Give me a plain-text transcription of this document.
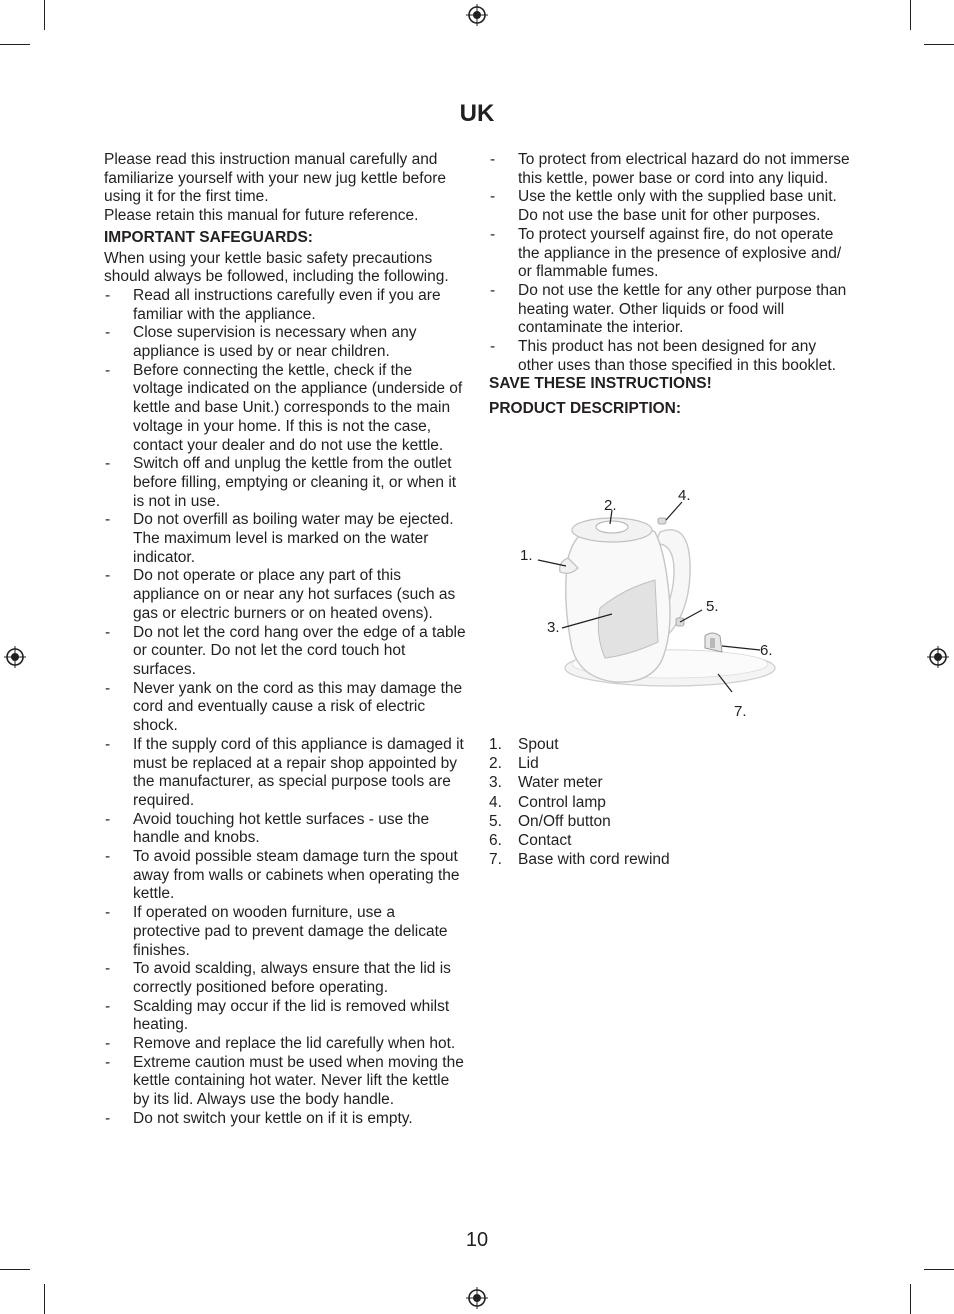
UK

Please read this instruction manual carefully and familiarize yourself with your new jug kettle before using it for the first time.

Please retain this manual for future reference.

IMPORTANT SAFEGUARDS:

When using your kettle basic safety precautions should always be followed, including the following.

- Read all instructions carefully even if you are familiar with the appliance.
- Close supervision is necessary when any appliance is used by or near children.
- Before connecting the kettle, check if the voltage indicated on the appliance (underside of kettle and base Unit.) corresponds to the main voltage in your home. If this is not the case, contact your dealer and do not use the kettle.
- Switch off and unplug the kettle from the outlet before filling, emptying or cleaning it, or when it is not in use.
- Do not overfill as boiling water may be ejected. The maximum level is marked on the water indicator.
- Do not operate or place any part of this appliance on or near any hot surfaces (such as gas or electric burners or on heated ovens).
- Do not let the cord hang over the edge of a table or counter. Do not let the cord touch hot surfaces.
- Never yank on the cord as this may damage the cord and eventually cause a risk of electric shock.
- If the supply cord of this appliance is damaged it must be replaced at a repair shop appointed by the manufacturer, as special purpose tools are required.
- Avoid touching hot kettle surfaces - use the handle and knobs.
- To avoid possible steam damage turn the spout away from walls or cabinets when operating the kettle.
- If operated on wooden furniture, use a protective pad to prevent damage the delicate finishes.
- To avoid scalding, always ensure that the lid is correctly positioned before operating.
- Scalding may occur if the lid is removed whilst heating.
- Remove and replace the lid carefully when hot.
- Extreme caution must be used when moving the kettle containing hot water. Never lift the kettle by its lid. Always use the body handle.
- Do not switch your kettle on if it is empty.
- To protect from electrical hazard do not immerse this kettle, power base or cord into any liquid.
- Use the kettle only with the supplied base unit. Do not use the base unit for other purposes.
- To protect yourself against fire, do not operate the appliance in the presence of explosive and/ or flammable fumes.
- Do not use the kettle for any other purpose than heating water. Other liquids or food will contaminate the interior.
- This product has not been designed for any other uses than those specified in this booklet.

SAVE THESE INSTRUCTIONS!

PRODUCT DESCRIPTION:

1.
2.
3.
4.
5.
6.
7.
1. Spout
2. Lid
3. Water meter
4. Control lamp
5. On/Off button
6. Contact
7. Base with cord rewind
10
